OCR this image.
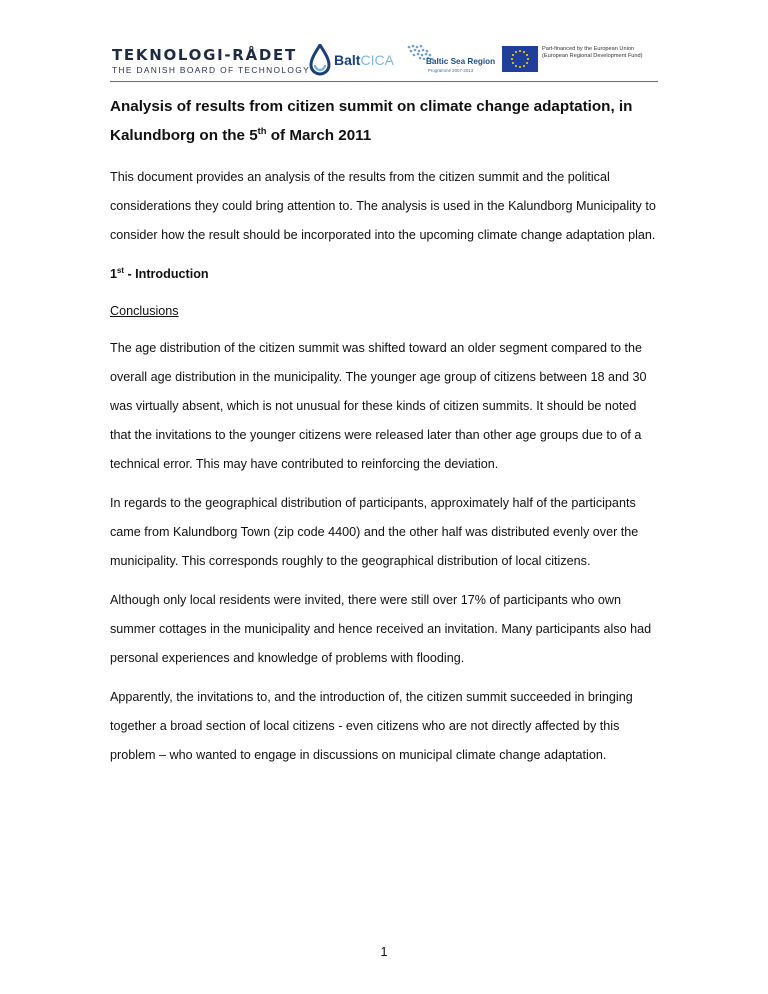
TEKNOLOGI-RÅDET
THE DANISH BOARD OF TECHNOLOGY
BaltCICA	Baltic Sea Region
Programme 2007-2013
Part-financed by the European Union (European Regional Development Fund)
Analysis of results from citizen summit on climate change adaptation, in Kalundborg on the 5th of March 2011

This document provides an analysis of the results from the citizen summit and the political considerations they could bring attention to. The analysis is used in the Kalundborg Municipality to consider how the result should be incorporated into the upcoming climate change adaptation plan.

1st - Introduction
Conclusions

The age distribution of the citizen summit was shifted toward an older segment compared to the overall age distribution in the municipality. The younger age group of citizens between 18 and 30 was virtually absent, which is not unusual for these kinds of citizen summits. It should be noted that the invitations to the younger citizens were released later than other age groups due to of a technical error. This may have contributed to reinforcing the deviation.

In regards to the geographical distribution of participants, approximately half of the participants came from Kalundborg Town (zip code 4400) and the other half was distributed evenly over the municipality. This corresponds roughly to the geographical distribution of local citizens.

Although only local residents were invited, there were still over 17% of participants who own summer cottages in the municipality and hence received an invitation. Many participants also had personal experiences and knowledge of problems with flooding.

Apparently, the invitations to, and the introduction of, the citizen summit succeeded in bringing together a broad section of local citizens - even citizens who are not directly affected by this problem – who wanted to engage in discussions on municipal climate change adaptation.

1
